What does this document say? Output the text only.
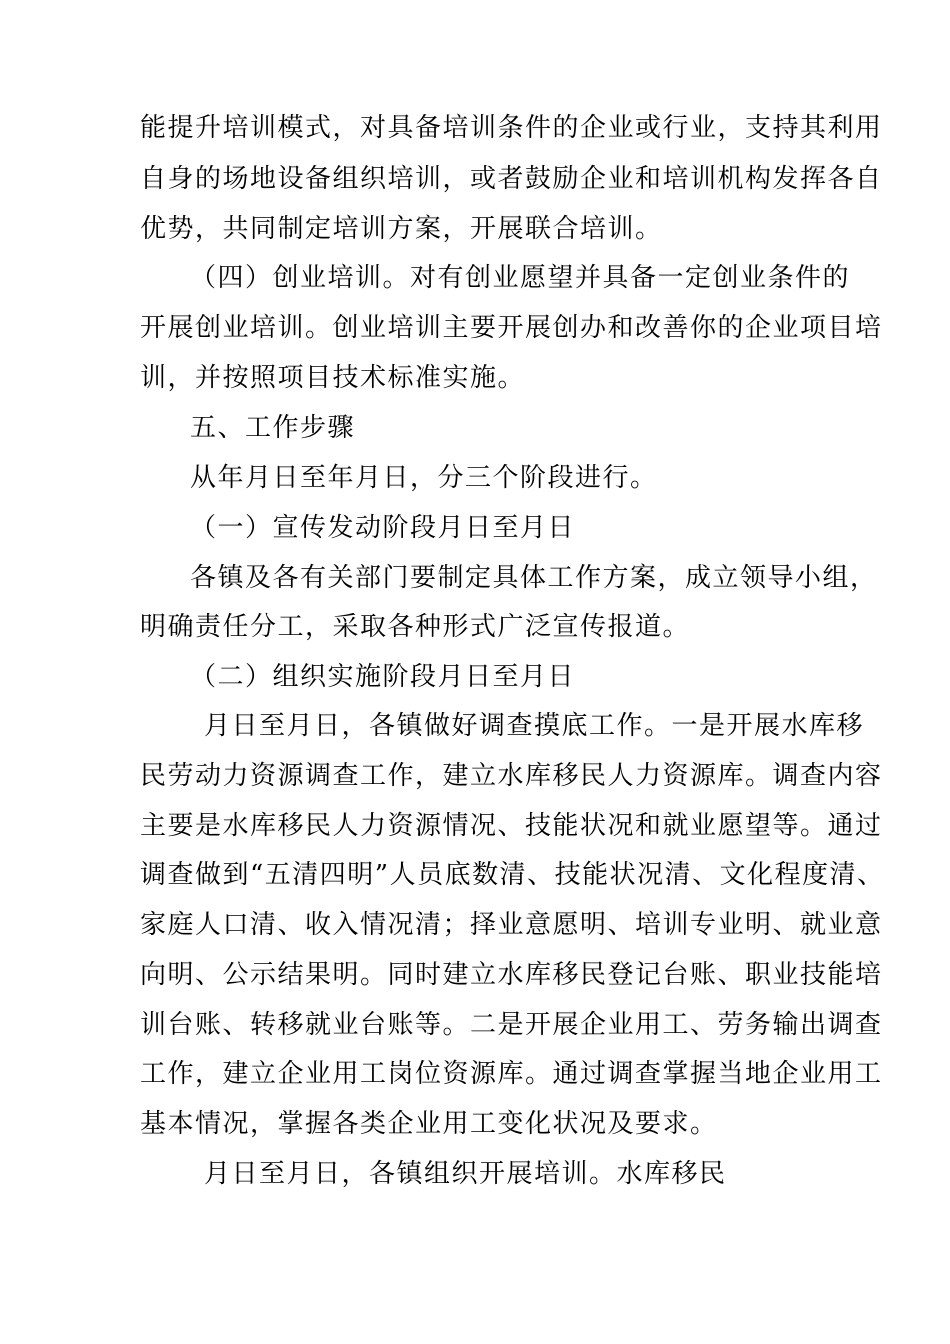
能提升培训模式，对具备培训条件的企业或行业，支持其利用
自身的场地设备组织培训，或者鼓励企业和培训机构发挥各自
优势，共同制定培训方案，开展联合培训。
（四）创业培训。对有创业愿望并具备一定创业条件的
开展创业培训。创业培训主要开展创办和改善你的企业项目培
训，并按照项目技术标准实施。
五、工作步骤
从年月日至年月日，分三个阶段进行。
（一）宣传发动阶段月日至月日
各镇及各有关部门要制定具体工作方案，成立领导小组，
明确责任分工，采取各种形式广泛宣传报道。
（二）组织实施阶段月日至月日
月日至月日，各镇做好调查摸底工作。一是开展水库移
民劳动力资源调查工作，建立水库移民人力资源库。调查内容
主要是水库移民人力资源情况、技能状况和就业愿望等。通过
调查做到“五清四明”人员底数清、技能状况清、文化程度清、
家庭人口清、收入情况清；择业意愿明、培训专业明、就业意
向明、公示结果明。同时建立水库移民登记台账、职业技能培
训台账、转移就业台账等。二是开展企业用工、劳务输出调查
工作，建立企业用工岗位资源库。通过调查掌握当地企业用工
基本情况，掌握各类企业用工变化状况及要求。
月日至月日，各镇组织开展培训。水库移民
